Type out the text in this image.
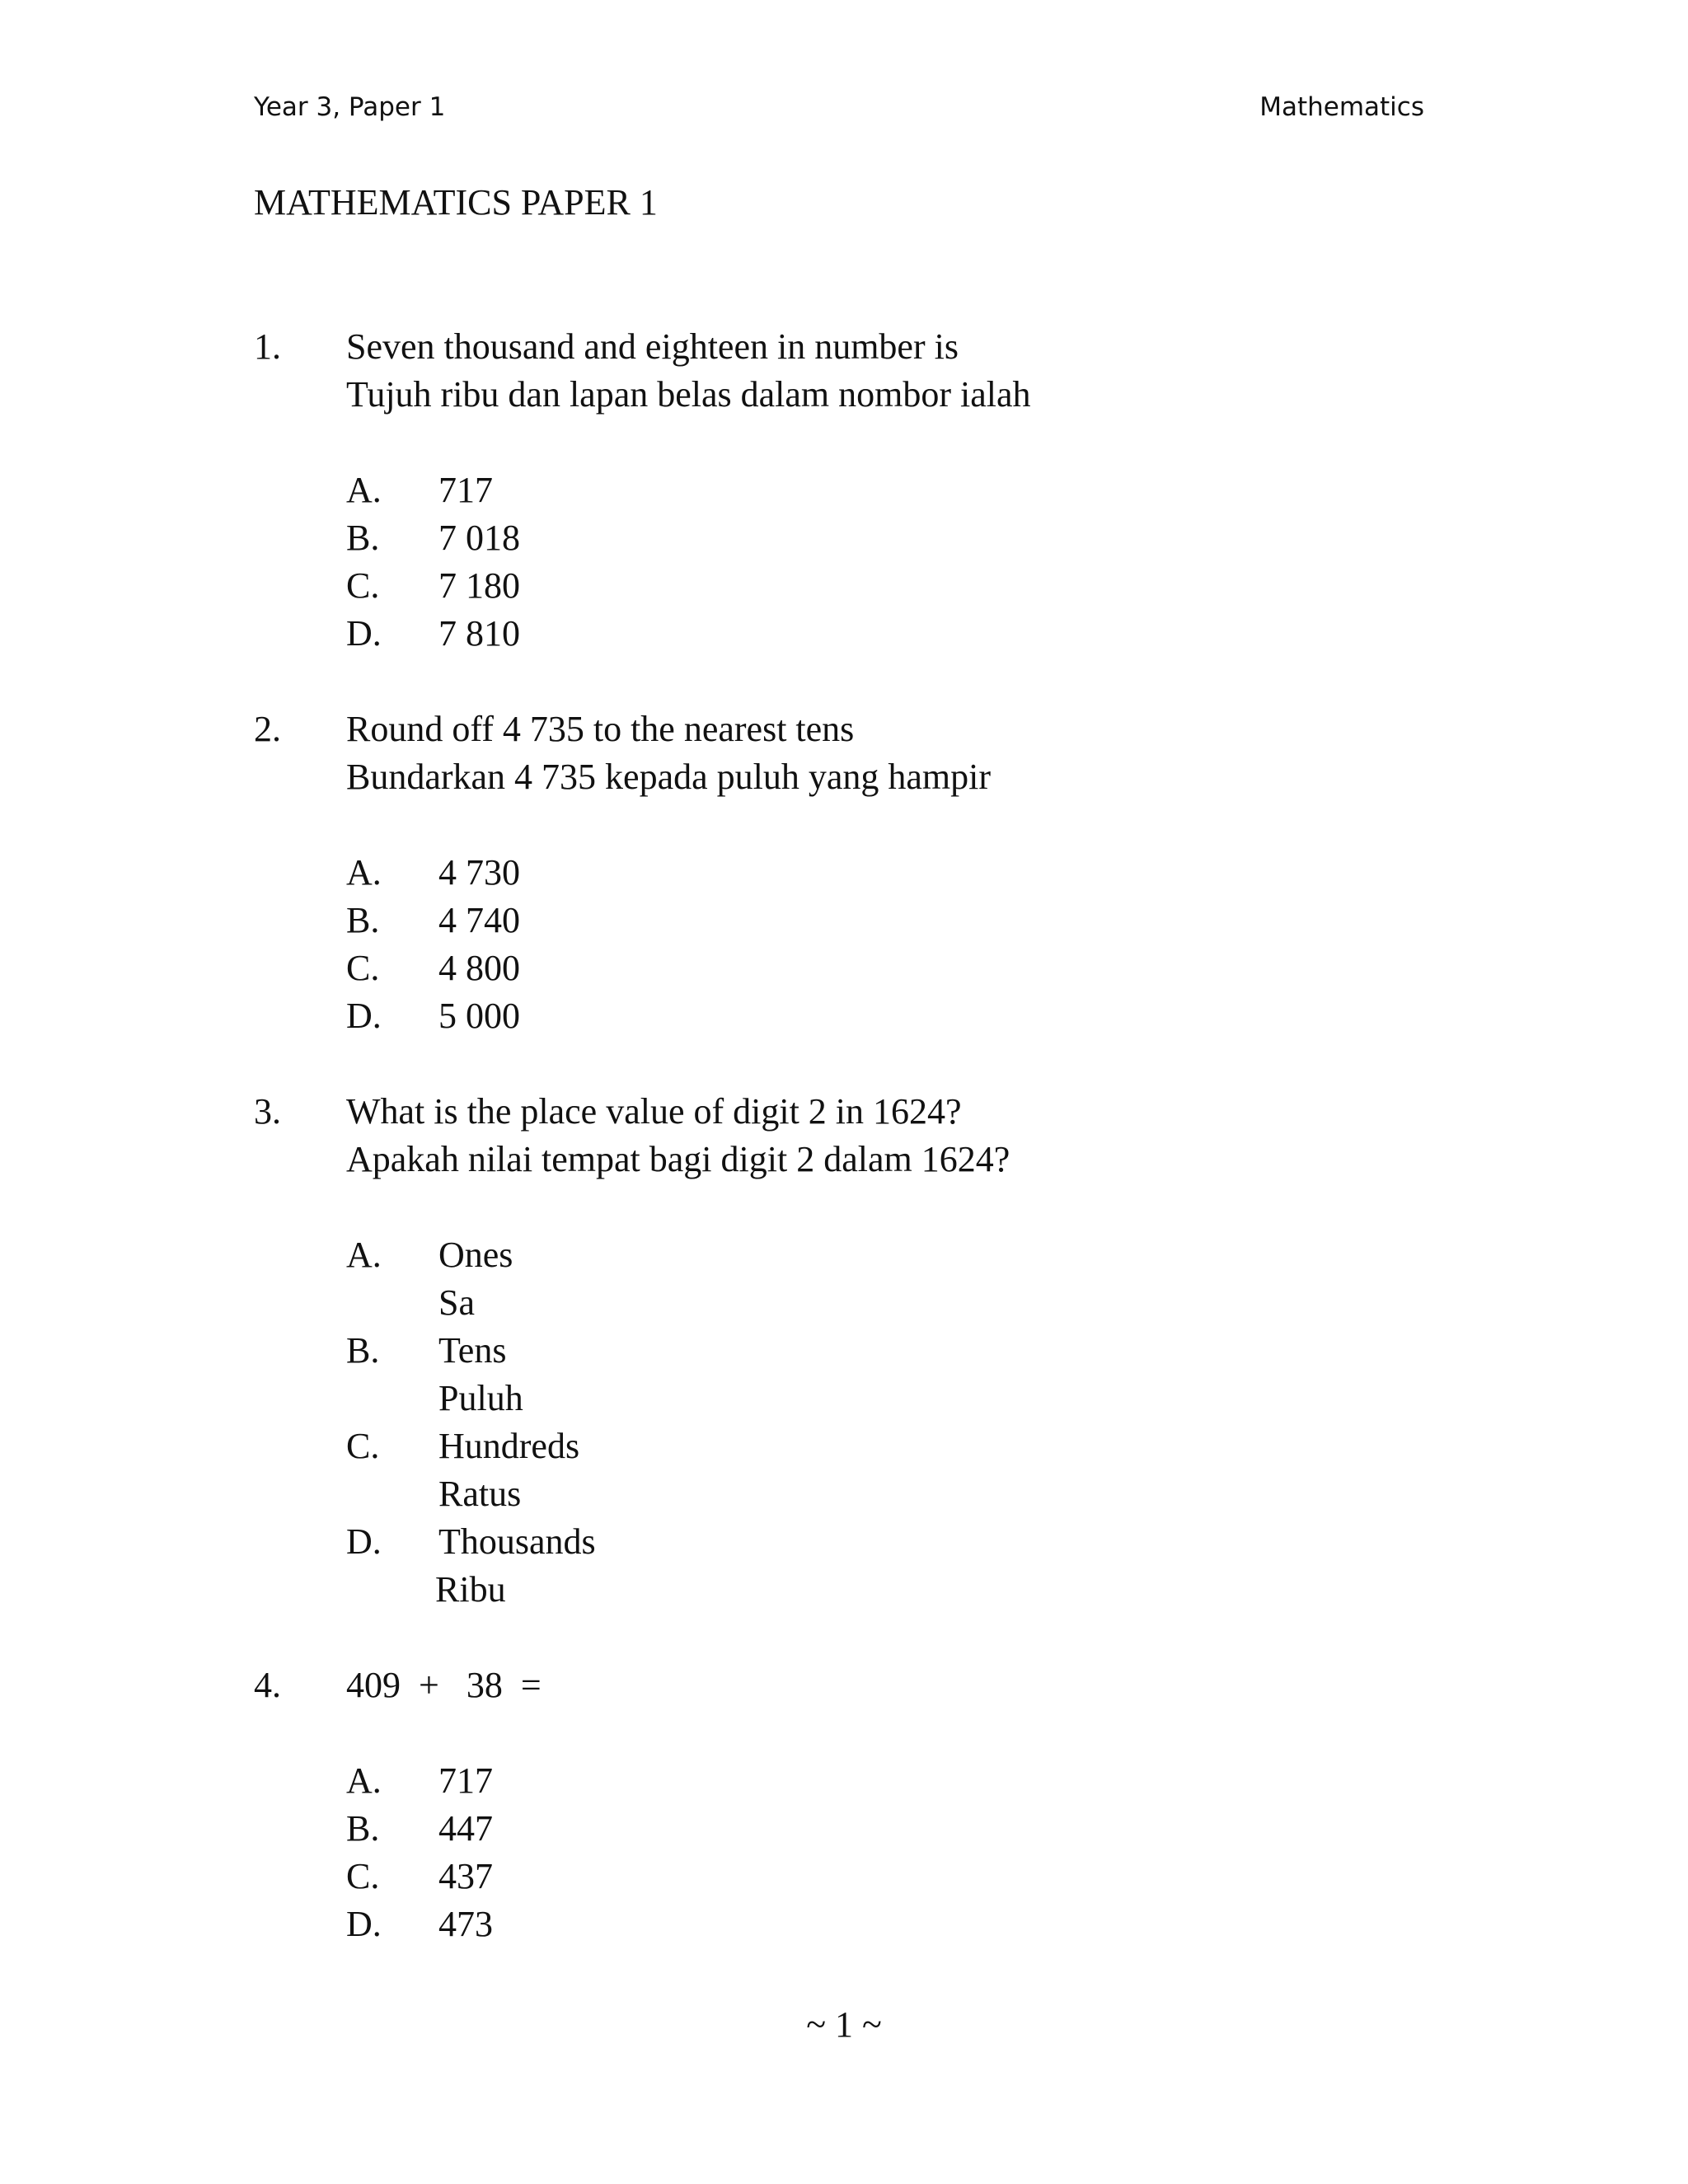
Year 3, Paper 1	Mathematics
MATHEMATICS PAPER 1
1. Seven thousand and eighteen in number is
Tujuh ribu dan lapan belas dalam nombor ialah
A.	717
B.	7 018
C.	7 180
D.	7 810
2. Round off 4 735 to the nearest tens
Bundarkan 4 735 kepada puluh yang hampir
A.	4 730
B.	4 740
C.	4 800
D.	5 000
3. What is the place value of digit 2 in 1624?
Apakah nilai tempat bagi digit 2 dalam 1624?
A.	Ones
Sa
B.	Tens
Puluh
C.	Hundreds
Ratus
D.	Thousands
Ribu
4. 409  +   38  =
A.	717
B.	447
C.	437
D.	473
~ 1 ~
